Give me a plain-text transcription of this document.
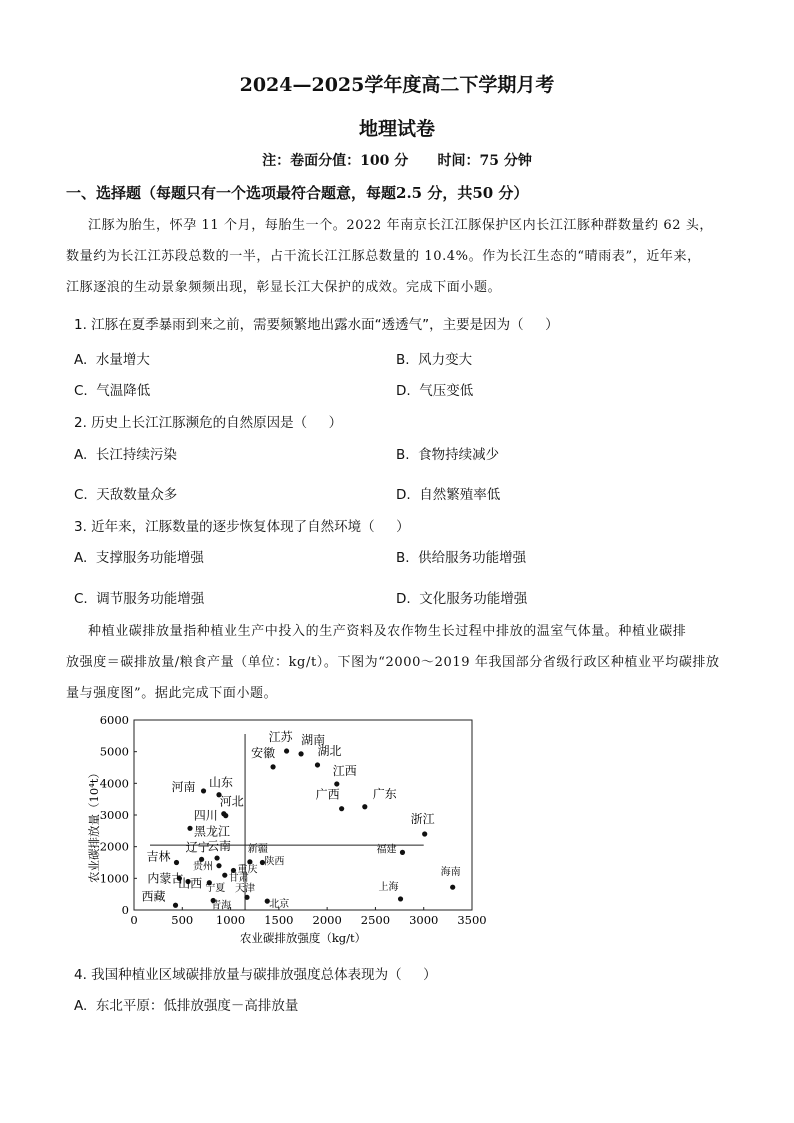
2024—2025学年度高二下学期月考
地理试卷
注：卷面分值：100 分      时间：75 分钟
一、选择题（每题只有一个选项最符合题意，每题2.5 分，共50 分）
江豚为胎生，怀孕 11 个月，每胎生一个。2022 年南京长江江豚保护区内长江江豚种群数量约 62 头，
数量约为长江江苏段总数的一半，占干流长江江豚总数量的 10.4%。作为长江生态的“晴雨表”，近年来，
江豚逐浪的生动景象频频出现，彰显长江大保护的成效。完成下面小题。
1. 江豚在夏季暴雨到来之前，需要频繁地出露水面“透透气”，主要是因为（     ）
A.  水量增大	B.  风力变大
C.  气温降低	D.  气压变低
2. 历史上长江江豚濒危的自然原因是（     ）
A.  长江持续污染	B.  食物持续减少
C.  天敌数量众多	D.  自然繁殖率低
3. 近年来，江豚数量的逐步恢复体现了自然环境（     ）
A.  支撑服务功能增强	B.  供给服务功能增强
C.  调节服务功能增强	D.  文化服务功能增强
种植业碳排放量指种植业生产中投入的生产资料及农作物生长过程中排放的温室气体量。种植业碳排
放强度＝碳排放量/粮食产量（单位：kg/t）。下图为“2000～2019 年我国部分省级行政区种植业平均碳排放
量与强度图”。据此完成下面小题。
0	500 1000 1500 2000 2500 3000 3500
0
1000
2000
3000
4000
5000
6000
江苏 湖南
安徽	湖北
江西
广西	广东
浙江
福建
海南
上海
河南 山东
河北
四川
黑龙江
吉林
辽宁
云南 新疆
陕西
贵州 重庆
内蒙古
山西	甘肃
宁夏
西藏
青海
天津
北京
农业碳排放强度（kg/t）
农业碳排放量（10⁴t）
4. 我国种植业区域碳排放量与碳排放强度总体表现为（     ）
A.  东北平原：低排放强度－高排放量
